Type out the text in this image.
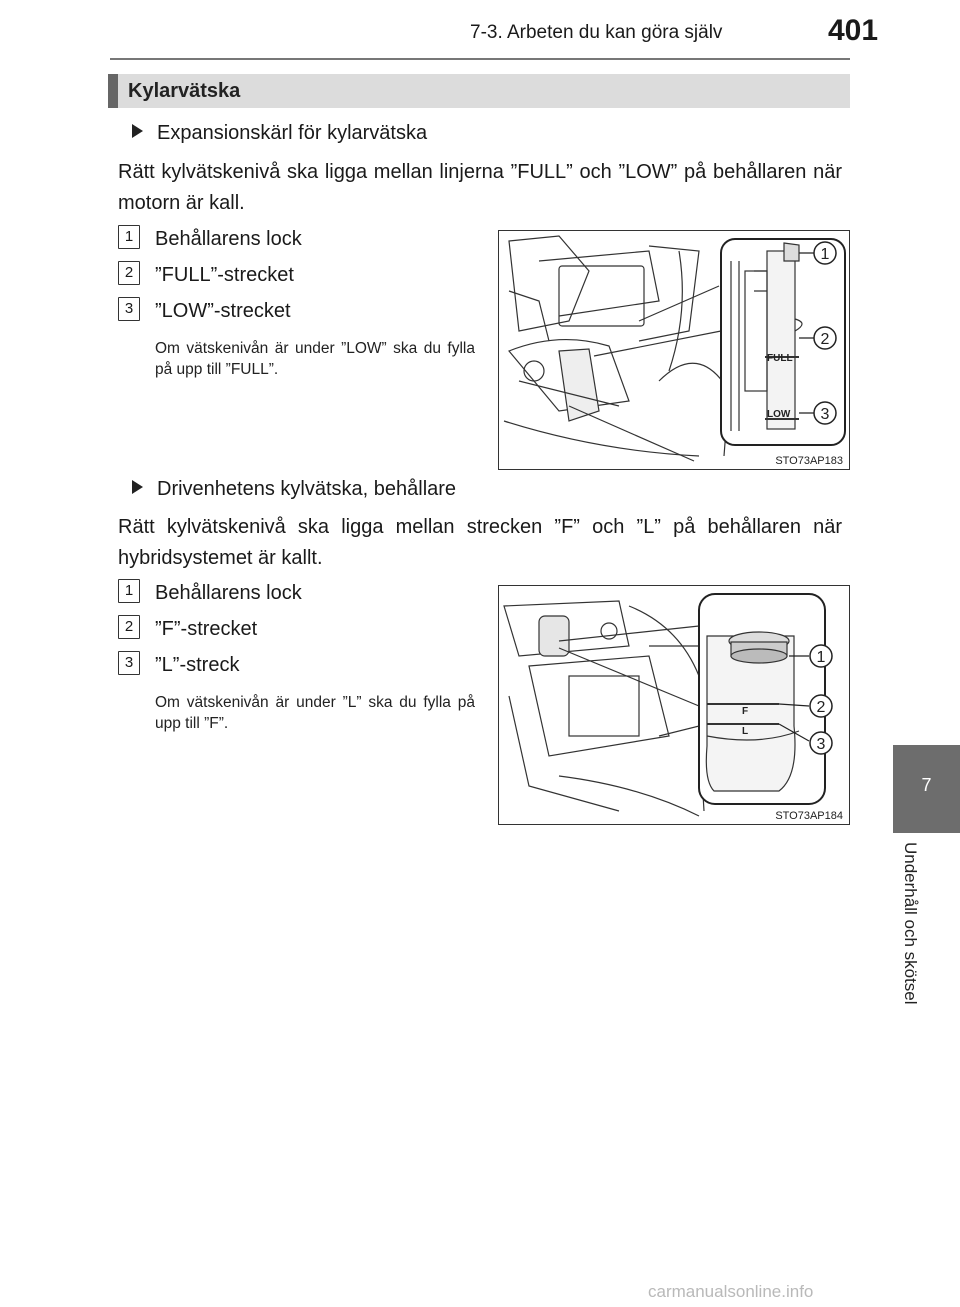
7-3. Arbeten du kan göra själv	401
Kylarvätska
Expansionskärl för kylarvätska
Rätt kylvätskenivå ska ligga mellan linjerna ”FULL” och ”LOW” på behållaren när motorn är kall.
1	Behållarens lock
2	”FULL”-strecket
3	”LOW”-strecket
Om vätskenivån är under ”LOW” ska du fylla på upp till ”FULL”.
FULL
LOW
1
2
3
STO73AP183
Drivenhetens kylvätska, behållare
Rätt kylvätskenivå ska ligga mellan strecken ”F” och ”L” på behållaren när hybridsystemet är kallt.
1	Behållarens lock
2	”F”-strecket
3	”L”-streck
Om vätskenivån är under ”L” ska du fylla på upp till ”F”.
F
L
1
2
3
STO73AP184
7
Underhåll och skötsel
carmanualsonline.info
